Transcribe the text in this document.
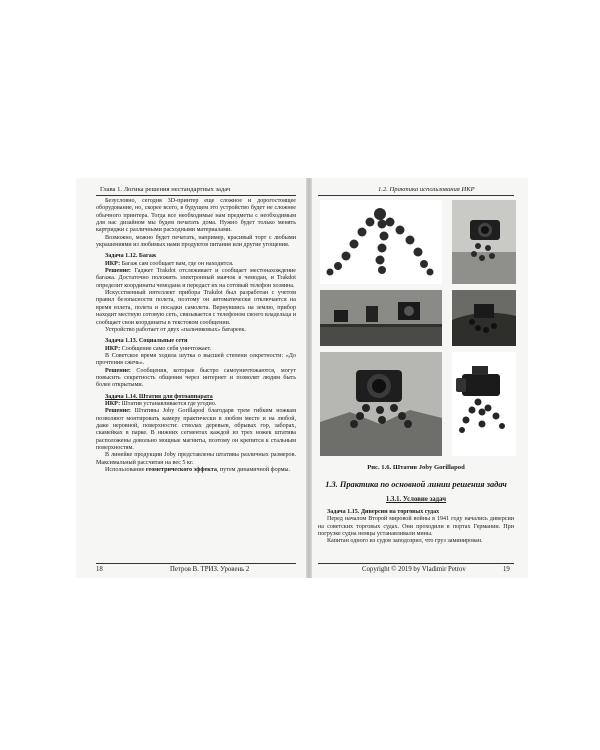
Глава 1. Логика решения нестандартных задач

Безусловно, сегодня 3D-принтер еще сложное и дорогостоящее оборудование, но, скорее всего, в будущем это устройство будет не сложнее обычного принтера. Тогда все необходимые нам предметы с необходимым для нас дизайном мы будем печатать дома. Нужно будет только менять картриджи с различными расходными материалами.

Возможно, можно будет печатать, например, красивый торт с любыми украшениями из любимых нами продуктов питания или другие угощения.

Задача 1.12. Багаж

ИКР: Багаж сам сообщает вам, где он находится.

Решение: Гаджет Trakdot отслеживает и сообщает местонахождение багажа. Достаточно положить электронный маячок в чемодан, и Trakdot определит координаты чемодана и передаст их на сотовый телефон хозяина.

Искусственный интеллект прибора Trakdot был разработан с учетом правил безопасности полета, поэтому он автоматически отключается на время взлета, полета и посадки самолета. Вернувшись на землю, прибор находит местную сотовую сеть, связывается с телефоном своего владельца и сообщает свои координаты в текстовом сообщении.

Устройство работает от двух «пальчиковых» батареек.

Задача 1.13. Социальные сети

ИКР: Сообщение само себя уничтожает.

В Советское время ходила шутка о высшей степени секретности: «До прочтения сжечь».

Решение: Сообщения, которые быстро самоуничтожаются, могут повысить секретность общения через интернет и позволят людям быть более открытыми.

Задача 1.14. Штатив для фотоаппарата

ИКР: Штатив устанавливается где угодно.

Решение: Штативы Joby Gorillapod благодаря трем гибким ножкам позволяют монтировать камеру практически в любом месте и на любой, даже неровной, поверхности: стволах деревьев, обрывах гор, заборах, скамейках в парке. В нижних сегментах каждой из трех ножек штатива расположены довольно мощные магниты, поэтому он крепится к стальным поверхностям.

В линейке продукции Joby представлены штативы различных размеров. Максимальный рассчитан на вес 5 кг.

Использование геометрического эффекта, путем динамичной формы.

18	Петров В. ТРИЗ. Уровень 2
1.2. Практика использования ИКР
Рис. 1.6. Штатив Joby Gorillapod
1.3. Практика по основной линии решения задач
1.3.1. Условие задач

Задача 1.15. Диверсии на торговых судах

Перед началом Второй мировой войны в 1941 году начались диверсии на советских торговых судах. Они проходили в портах Германии. При погрузке судна немцы устанавливали мины.

Капитан одного из судов заподозрил, что груз заминирован.

Copyright © 2019 by Vladimir Petrov	19
